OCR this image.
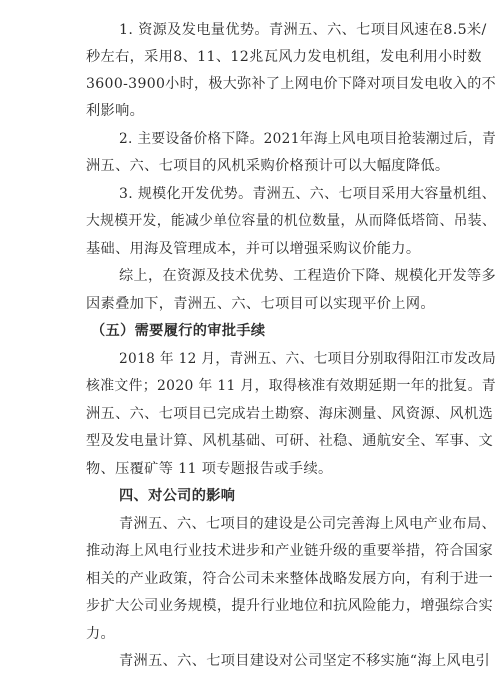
1. 资源及发电量优势。青洲五、六、七项目风速在8.5米/
秒左右，采用8、11、12兆瓦风力发电机组，发电利用小时数
3600-3900小时，极大弥补了上网电价下降对项目发电收入的不
利影响。
2. 主要设备价格下降。2021年海上风电项目抢装潮过后，青
洲五、六、七项目的风机采购价格预计可以大幅度降低。
3. 规模化开发优势。青洲五、六、七项目采用大容量机组、
大规模开发，能减少单位容量的机位数量，从而降低塔筒、吊装、
基础、用海及管理成本，并可以增强采购议价能力。
综上，在资源及技术优势、工程造价下降、规模化开发等多
因素叠加下，青洲五、六、七项目可以实现平价上网。
（五）需要履行的审批手续
2018 年 12 月，青洲五、六、七项目分别取得阳江市发改局
核准文件；2020 年 11 月，取得核准有效期延期一年的批复。青
洲五、六、七项目已完成岩土勘察、海床测量、风资源、风机选
型及发电量计算、风机基础、可研、社稳、通航安全、军事、文
物、压覆矿等 11 项专题报告或手续。
四、对公司的影响
青洲五、六、七项目的建设是公司完善海上风电产业布局、
推动海上风电行业技术进步和产业链升级的重要举措，符合国家
相关的产业政策，符合公司未来整体战略发展方向，有利于进一
步扩大公司业务规模，提升行业地位和抗风险能力，增强综合实
力。
青洲五、六、七项目建设对公司坚定不移实施“海上风电引
